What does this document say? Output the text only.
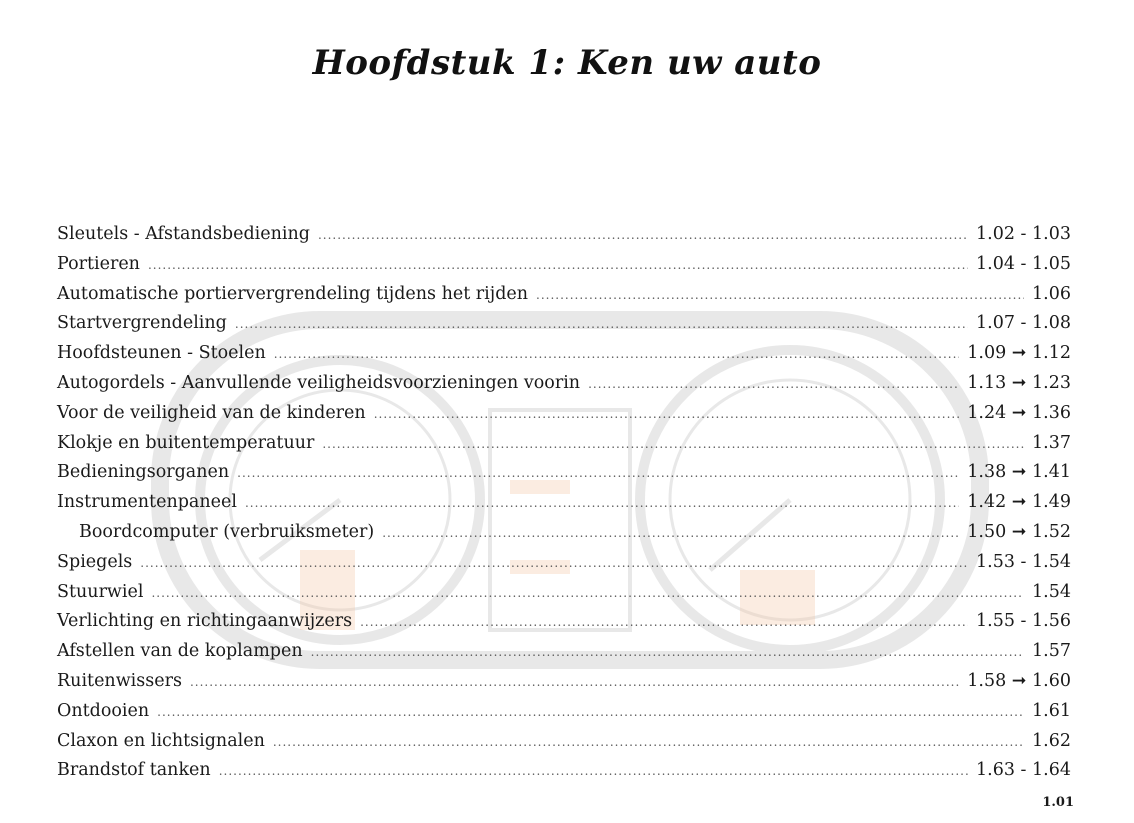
Hoofdstuk 1: Ken uw auto
Sleutels - Afstandsbediening .....	1.02 - 1.03
Portieren .....	1.04 - 1.05
Automatische portiervergrendeling tijdens het rijden .....	1.06
Startvergrendeling .....	1.07 - 1.08
Hoofdsteunen - Stoelen .....	1.09 ➞ 1.12
Autogordels - Aanvullende veiligheidsvoorzieningen voorin .....	1.13 ➞ 1.23
Voor de veiligheid van de kinderen .....	1.24 ➞ 1.36
Klokje en buitentemperatuur .....	1.37
Bedieningsorganen .....	1.38 ➞ 1.41
Instrumentenpaneel .....	1.42 ➞ 1.49
Boordcomputer (verbruiksmeter) .....	1.50 ➞ 1.52
Spiegels .....	1.53 - 1.54
Stuurwiel .....	1.54
Verlichting en richtingaanwijzers .....	1.55 - 1.56
Afstellen van de koplampen .....	1.57
Ruitenwissers .....	1.58 ➞ 1.60
Ontdooien .....	1.61
Claxon en lichtsignalen .....	1.62
Brandstof tanken .....	1.63 - 1.64
1.01
